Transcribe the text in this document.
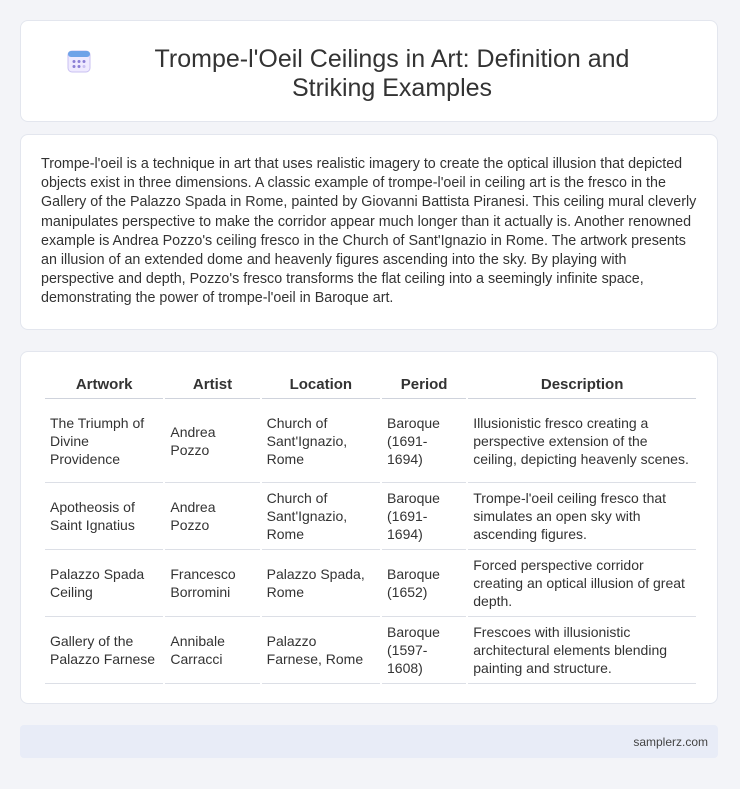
Trompe-l'Oeil Ceilings in Art: Definition and Striking Examples

Trompe-l'oeil is a technique in art that uses realistic imagery to create the optical illusion that depicted objects exist in three dimensions. A classic example of trompe-l'oeil in ceiling art is the fresco in the Gallery of the Palazzo Spada in Rome, painted by Giovanni Battista Piranesi. This ceiling mural cleverly manipulates perspective to make the corridor appear much longer than it actually is. Another renowned example is Andrea Pozzo's ceiling fresco in the Church of Sant'Ignazio in Rome. The artwork presents an illusion of an extended dome and heavenly figures ascending into the sky. By playing with perspective and depth, Pozzo's fresco transforms the flat ceiling into a seemingly infinite space, demonstrating the power of trompe-l'oeil in Baroque art.

Artwork	Artist	Location	Period	Description
The Triumph of Divine Providence	Andrea Pozzo	Church of Sant'Ignazio, Rome	Baroque (1691-1694)	Illusionistic fresco creating a perspective extension of the ceiling, depicting heavenly scenes.
Apotheosis of Saint Ignatius	Andrea Pozzo	Church of Sant'Ignazio, Rome	Baroque (1691-1694)	Trompe-l'oeil ceiling fresco that simulates an open sky with ascending figures.
Palazzo Spada Ceiling	Francesco Borromini	Palazzo Spada, Rome	Baroque (1652)	Forced perspective corridor creating an optical illusion of great depth.
Gallery of the Palazzo Farnese	Annibale Carracci	Palazzo Farnese, Rome	Baroque (1597-1608)	Frescoes with illusionistic architectural elements blending painting and structure.
samplerz.com
